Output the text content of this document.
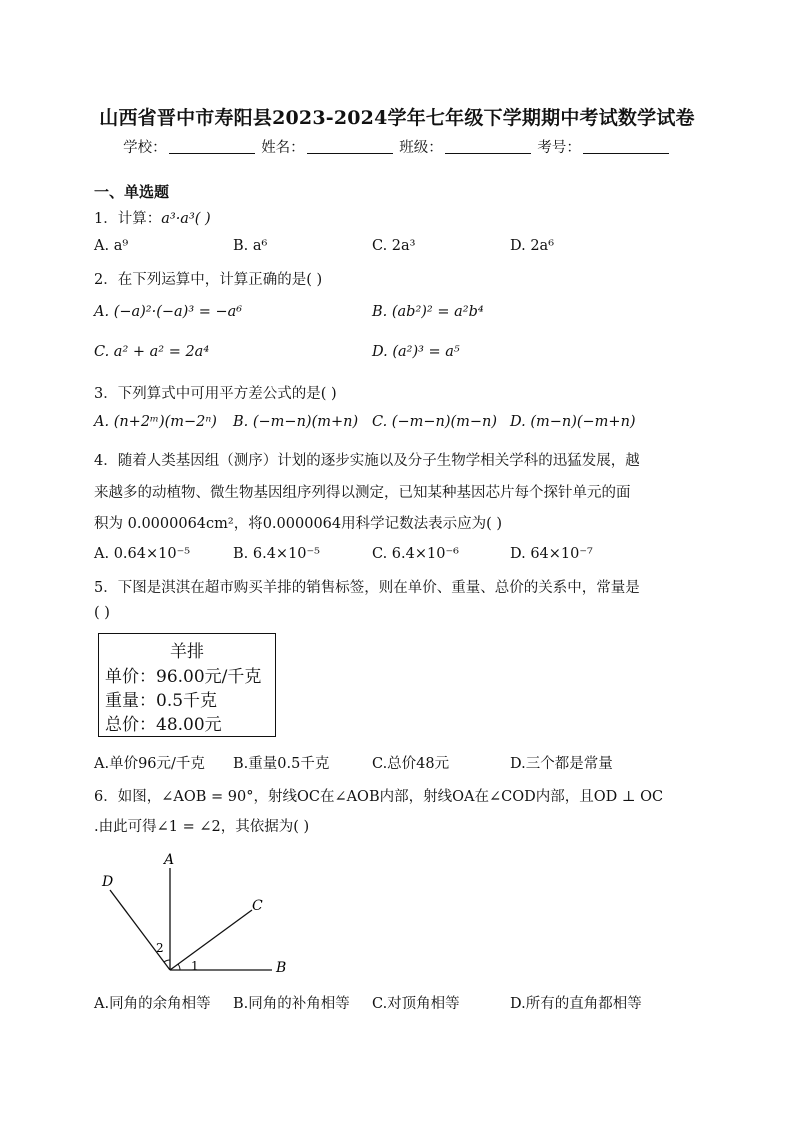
山西省晋中市寿阳县2023-2024学年七年级下学期期中考试数学试卷
学校：	姓名：	班级：	考号：
一、单选题
1．计算：a³·a³( )
A. a⁹	B. a⁶	C. 2a³	D. 2a⁶
2．在下列运算中，计算正确的是( )
A. (−a)²·(−a)³ = −a⁶	B. (ab²)² = a²b⁴
C. a² + a² = 2a⁴	D. (a²)³ = a⁵
3．下列算式中可用平方差公式的是( )
A. (n+2ᵐ)(m−2ⁿ) B. (−m−n)(m+n) C. (−m−n)(m−n) D. (m−n)(−m+n)
4．随着人类基因组（测序）计划的逐步实施以及分子生物学相关学科的迅猛发展，越
来越多的动植物、微生物基因组序列得以测定，已知某种基因芯片每个探针单元的面
积为 0.0000064cm²，将0.0000064用科学记数法表示应为( )
A. 0.64×10⁻⁵	B. 6.4×10⁻⁵	C. 6.4×10⁻⁶	D. 64×10⁻⁷
5．下图是淇淇在超市购买羊排的销售标签，则在单价、重量、总价的关系中，常量是
( )
羊排
单价：96.00元/千克
重量：0.5千克
总价：48.00元
A.单价96元/千克 B.重量0.5千克	C.总价48元	D.三个都是常量
6．如图，∠AOB = 90°，射线OC在∠AOB内部，射线OA在∠COD内部，且OD ⊥ OC
.由此可得∠1 = ∠2，其依据为( )
A
B
C
D
1
2
A.同角的余角相等 B.同角的补角相等 C.对顶角相等	D.所有的直角都相等
